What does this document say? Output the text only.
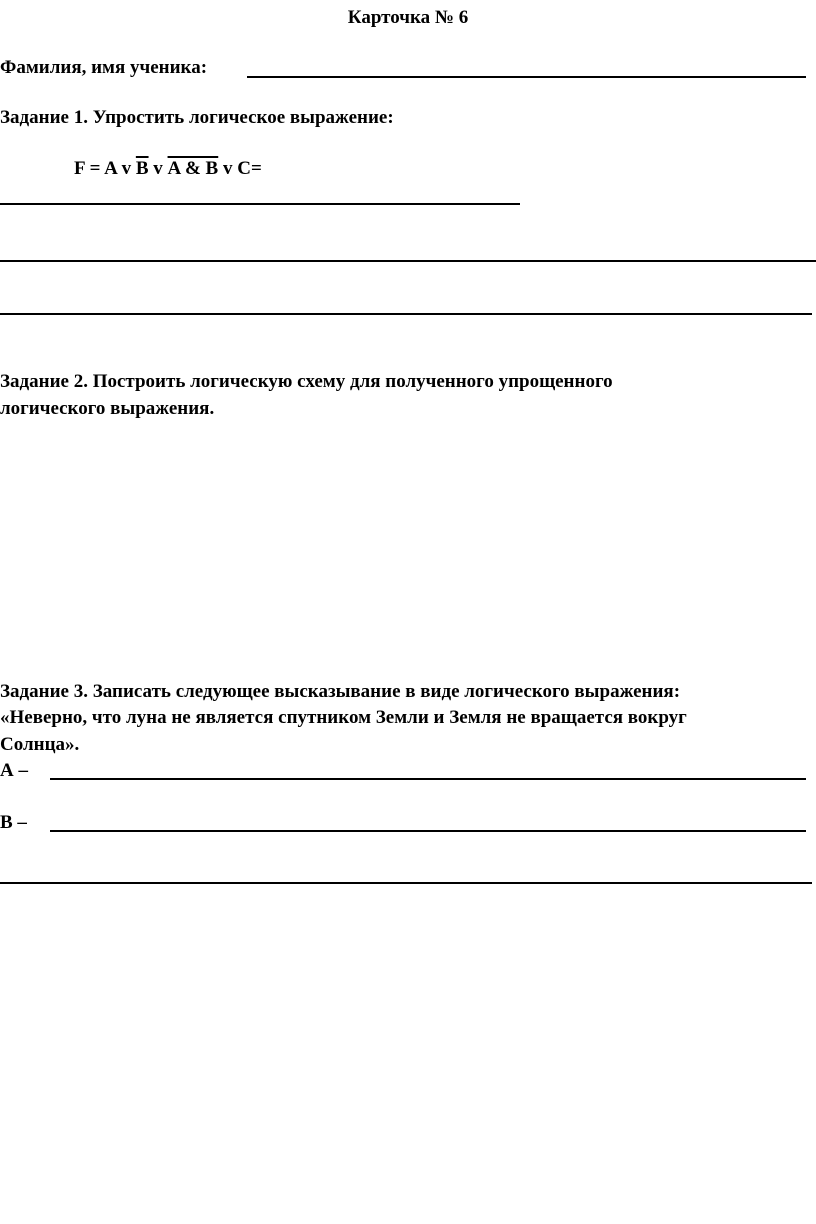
Карточка № 6
Фамилия, имя ученика:
Задание 1. Упростить логическое выражение:
F = A v $\overline{B}$ v A & B v C=
Задание 2. Построить логическую схему для полученного упрощенного
логического выражения.
Задание 3. Записать следующее высказывание в виде логического выражения:
«Неверно, что луна не является спутником Земли и Земля не вращается вокруг
Солнца».
А –
В –
